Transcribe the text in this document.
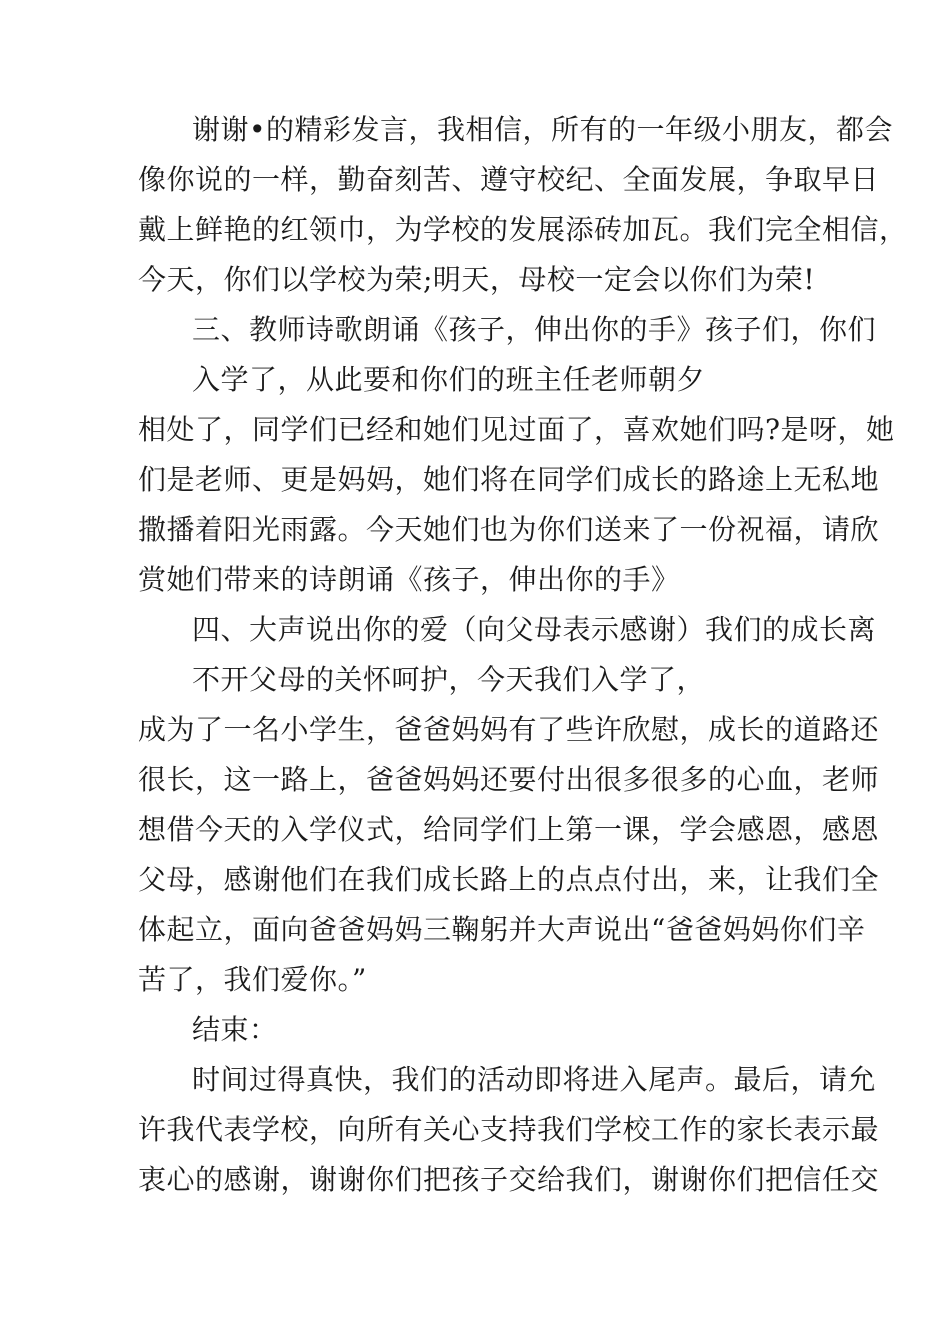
谢谢•的精彩发言，我相信，所有的一年级小朋友，都会
像你说的一样，勤奋刻苦、遵守校纪、全面发展，争取早日
戴上鲜艳的红领巾，为学校的发展添砖加瓦。我们完全相信，
今天，你们以学校为荣;明天，母校一定会以你们为荣!
三、教师诗歌朗诵《孩子，伸出你的手》孩子们，你们
入学了，从此要和你们的班主任老师朝夕
相处了，同学们已经和她们见过面了，喜欢她们吗?是呀，她
们是老师、更是妈妈，她们将在同学们成长的路途上无私地
撒播着阳光雨露。今天她们也为你们送来了一份祝福，请欣
赏她们带来的诗朗诵《孩子，伸出你的手》
四、大声说出你的爱（向父母表示感谢）我们的成长离
不开父母的关怀呵护，今天我们入学了，
成为了一名小学生，爸爸妈妈有了些许欣慰，成长的道路还
很长，这一路上，爸爸妈妈还要付出很多很多的心血，老师
想借今天的入学仪式，给同学们上第一课，学会感恩，感恩
父母，感谢他们在我们成长路上的点点付出，来，让我们全
体起立，面向爸爸妈妈三鞠躬并大声说出“爸爸妈妈你们辛
苦了，我们爱你。”
结束：
时间过得真快，我们的活动即将进入尾声。最后，请允
许我代表学校，向所有关心支持我们学校工作的家长表示最
衷心的感谢，谢谢你们把孩子交给我们，谢谢你们把信任交
